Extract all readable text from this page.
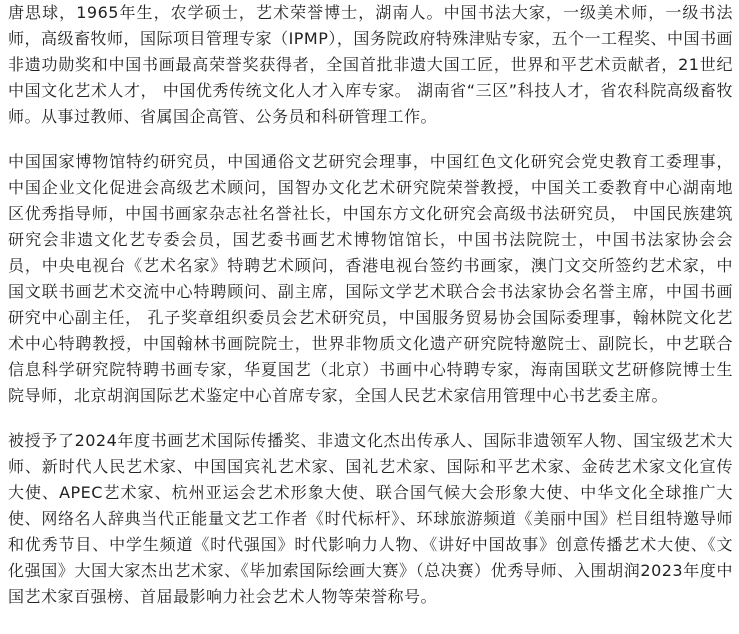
唐思球，1965年生，农学硕士，艺术荣誉博士，湖南人。中国书法大家，一级美术师，一级书法师，高级畜牧师，国际项目管理专家（IPMP），国务院政府特殊津贴专家，五个一工程奖、中国书画非遗功勋奖和中国书画最高荣誉奖获得者，全国首批非遗大国工匠，世界和平艺术贡献者，21世纪中国文化艺术人才， 中国优秀传统文化人才入库专家。 湖南省“三区”科技人才，省农科院高级畜牧师。从事过教师、省属国企高管、公务员和科研管理工作。

中国国家博物馆特约研究员，中国通俗文艺研究会理事，中国红色文化研究会党史教育工委理事，中国企业文化促进会高级艺术顾问，国智办文化艺术研究院荣誉教授，中国关工委教育中心湖南地区优秀指导师，中国书画家杂志社名誉社长，中国东方文化研究会高级书法研究员， 中国民族建筑研究会非遗文化艺专委会员，国艺委书画艺术博物馆馆长，中国书法院院士，中国书法家协会会员，中央电视台《艺术名家》特聘艺术顾问，香港电视台签约书画家，澳门文交所签约艺术家，中国文联书画艺术交流中心特聘顾问、副主席，国际文学艺术联合会书法家协会名誉主席，中国书画研究中心副主任， 孔子奖章组织委员会艺术研究员，中国服务贸易协会国际委理事，翰林院文化艺术中心特聘教授，中国翰林书画院院士，世界非物质文化遗产研究院特邀院士、副院长，中艺联合信息科学研究院特聘书画专家，华夏国艺（北京）书画中心特聘专家，海南国联文艺研修院博士生院导师，北京胡润国际艺术鉴定中心首席专家，全国人民艺术家信用管理中心书艺委主席。

被授予了2024年度书画艺术国际传播奖、非遗文化杰出传承人、国际非遗领军人物、国宝级艺术大师、新时代人民艺术家、中国国宾礼艺术家、国礼艺术家、国际和平艺术家、金砖艺术家文化宣传大使、APEC艺术家、杭州亚运会艺术形象大使、联合国气候大会形象大使、中华文化全球推广大使、网络名人辞典当代正能量文艺工作者《时代标杆》、环球旅游频道《美丽中国》栏目组特邀导师和优秀节目、中学生频道《时代强国》时代影响力人物、《讲好中国故事》创意传播艺术大使、《文化强国》大国大家杰出艺术家、《毕加索国际绘画大赛》（总决赛）优秀导师、入围胡润2023年度中国艺术家百强榜、首届最影响力社会艺术人物等荣誉称号。
